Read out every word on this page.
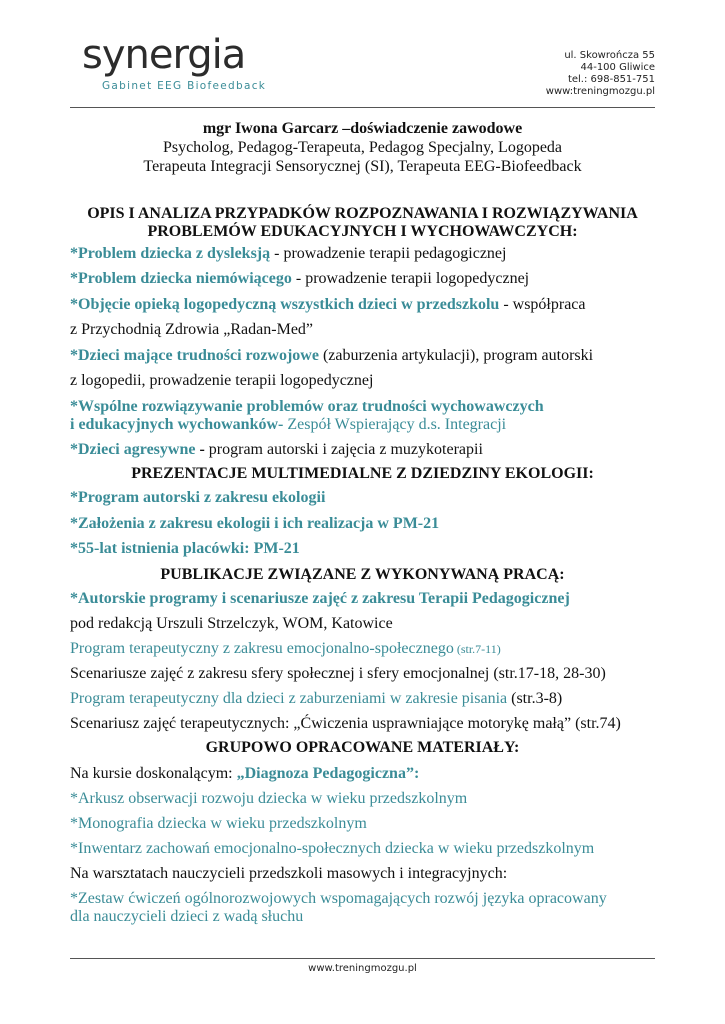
synergia
Gabinet EEG Biofeedback
ul. Skowrończa 55
44-100 Gliwice
tel.: 698-851-751
www:treningmozgu.pl
mgr Iwona Garcarz –doświadczenie zawodowe
Psycholog, Pedagog-Terapeuta, Pedagog Specjalny, Logopeda
Terapeuta Integracji Sensorycznej (SI), Terapeuta EEG-Biofeedback
OPIS I ANALIZA PRZYPADKÓW ROZPOZNAWANIA I ROZWIĄZYWANIA
PROBLEMÓW EDUKACYJNYCH I WYCHOWAWCZYCH:
*Problem dziecka z dysleksją - prowadzenie terapii pedagogicznej
*Problem dziecka niemówiącego - prowadzenie terapii logopedycznej
*Objęcie opieką logopedyczną wszystkich dzieci w przedszkolu - współpraca
z Przychodnią Zdrowia „Radan-Med”
*Dzieci mające trudności rozwojowe (zaburzenia artykulacji), program autorski
z logopedii, prowadzenie terapii logopedycznej
*Wspólne rozwiązywanie problemów oraz trudności wychowawczych
i edukacyjnych wychowanków- Zespół Wspierający d.s. Integracji
*Dzieci agresywne - program autorski i zajęcia z muzykoterapii
PREZENTACJE MULTIMEDIALNE Z DZIEDZINY EKOLOGII:
*Program autorski z zakresu ekologii
*Założenia z zakresu ekologii i ich realizacja w PM-21
*55-lat istnienia placówki: PM-21
PUBLIKACJE ZWIĄZANE Z WYKONYWANĄ PRACĄ:
*Autorskie programy i scenariusze zajęć z zakresu Terapii Pedagogicznej
pod redakcją Urszuli Strzelczyk, WOM, Katowice
Program terapeutyczny z zakresu emocjonalno-społecznego (str.7-11)
Scenariusze zajęć z zakresu sfery społecznej i sfery emocjonalnej (str.17-18, 28-30)
Program terapeutyczny dla dzieci z zaburzeniami w zakresie pisania (str.3-8)
Scenariusz zajęć terapeutycznych: „Ćwiczenia usprawniające motorykę małą” (str.74)
GRUPOWO OPRACOWANE MATERIAŁY:
Na kursie doskonalącym: „Diagnoza Pedagogiczna”:
*Arkusz obserwacji rozwoju dziecka w wieku przedszkolnym
*Monografia dziecka w wieku przedszkolnym
*Inwentarz zachowań emocjonalno-społecznych dziecka w wieku przedszkolnym
Na warsztatach nauczycieli przedszkoli masowych i integracyjnych:
*Zestaw ćwiczeń ogólnorozwojowych wspomagających rozwój języka opracowany
dla nauczycieli dzieci z wadą słuchu
www.treningmozgu.pl
